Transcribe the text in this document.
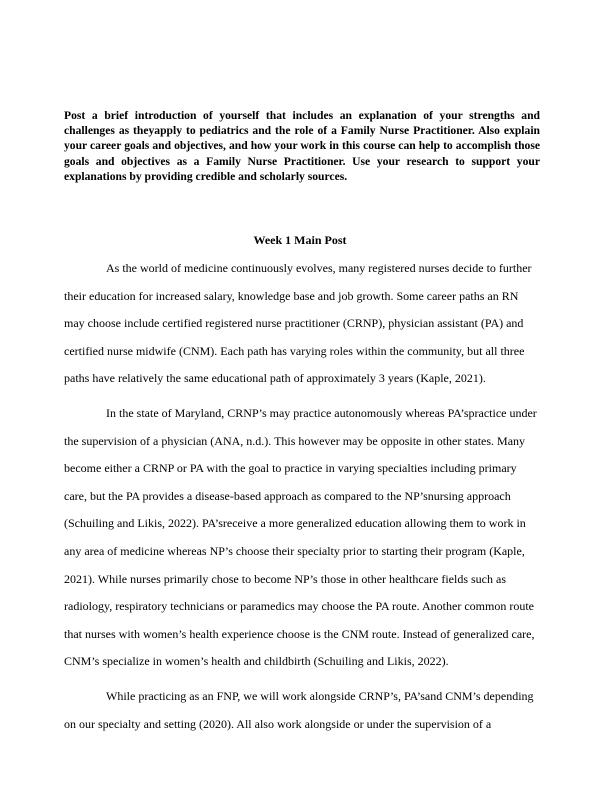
Post a brief introduction of yourself that includes an explanation of your strengths and challenges as theyapply to pediatrics and the role of a Family Nurse Practitioner. Also explain your career goals and objectives, and how your work in this course can help to accomplish those goals and objectives as a Family Nurse Practitioner. Use your research to support your explanations by providing credible and scholarly sources.
Week 1 Main Post

As the world of medicine continuously evolves, many registered nurses decide to further their education for increased salary, knowledge base and job growth. Some career paths an RN may choose include certified registered nurse practitioner (CRNP), physician assistant (PA) and certified nurse midwife (CNM). Each path has varying roles within the community, but all three paths have relatively the same educational path of approximately 3 years (Kaple, 2021).

In the state of Maryland, CRNP’s may practice autonomously whereas PA’spractice under the supervision of a physician (ANA, n.d.). This however may be opposite in other states. Many become either a CRNP or PA with the goal to practice in varying specialties including primary care, but the PA provides a disease-based approach as compared to the NP’snursing approach (Schuiling and Likis, 2022). PA’sreceive a more generalized education allowing them to work in any area of medicine whereas NP’s choose their specialty prior to starting their program (Kaple, 2021). While nurses primarily chose to become NP’s those in other healthcare fields such as radiology, respiratory technicians or paramedics may choose the PA route. Another common route that nurses with women’s health experience choose is the CNM route. Instead of generalized care, CNM’s specialize in women’s health and childbirth (Schuiling and Likis, 2022).

While practicing as an FNP, we will work alongside CRNP’s, PA’sand CNM’s depending on our specialty and setting (2020). All also work alongside or under the supervision of a
